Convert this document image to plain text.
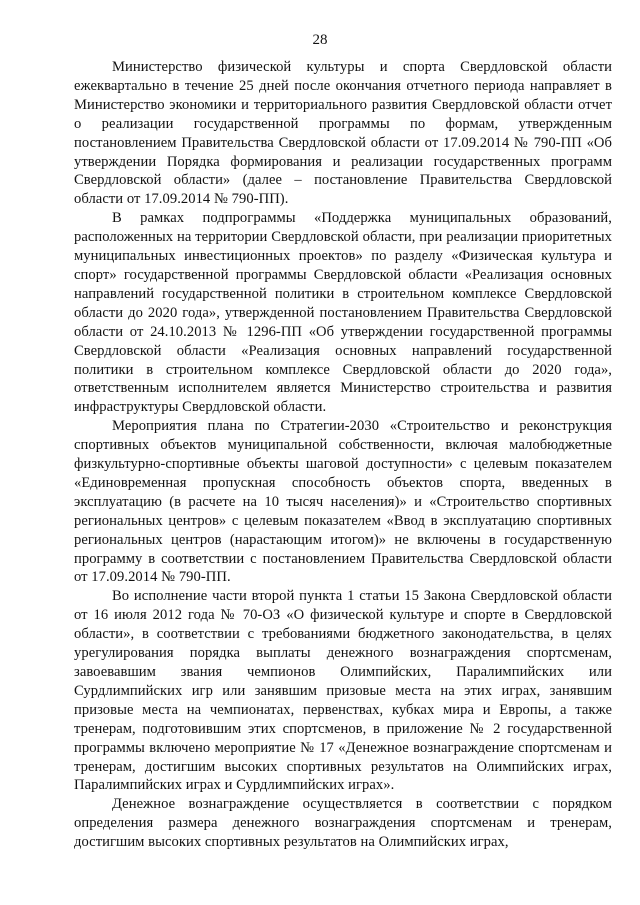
28

Министерство физической культуры и спорта Свердловской области ежеквартально в течение 25 дней после окончания отчетного периода направляет в Министерство экономики и территориального развития Свердловской области отчет о реализации государственной программы по формам, утвержденным постановлением Правительства Свердловской области от 17.09.2014 № 790-ПП «Об утверждении Порядка формирования и реализации государственных программ Свердловской области» (далее – постановление Правительства Свердловской области от 17.09.2014 № 790-ПП).

В рамках подпрограммы «Поддержка муниципальных образований, расположенных на территории Свердловской области, при реализации приоритетных муниципальных инвестиционных проектов» по разделу «Физическая культура и спорт» государственной программы Свердловской области «Реализация основных направлений государственной политики в строительном комплексе Свердловской области до 2020 года», утвержденной постановлением Правительства Свердловской области от 24.10.2013 № 1296-ПП «Об утверждении государственной программы Свердловской области «Реализация основных направлений государственной политики в строительном комплексе Свердловской области до 2020 года», ответственным исполнителем является Министерство строительства и развития инфраструктуры Свердловской области.

Мероприятия плана по Стратегии-2030 «Строительство и реконструкция спортивных объектов муниципальной собственности, включая малобюджетные физкультурно-спортивные объекты шаговой доступности» с целевым показателем «Единовременная пропускная способность объектов спорта, введенных в эксплуатацию (в расчете на 10 тысяч населения)» и «Строительство спортивных региональных центров» с целевым показателем «Ввод в эксплуатацию спортивных региональных центров (нарастающим итогом)» не включены в государственную программу в соответствии с постановлением Правительства Свердловской области от 17.09.2014 № 790-ПП.

Во исполнение части второй пункта 1 статьи 15 Закона Свердловской области от 16 июля 2012 года № 70-ОЗ «О физической культуре и спорте в Свердловской области», в соответствии с требованиями бюджетного законодательства, в целях урегулирования порядка выплаты денежного вознаграждения спортсменам, завоевавшим звания чемпионов Олимпийских, Паралимпийских или Сурдлимпийских игр или занявшим призовые места на этих играх, занявшим призовые места на чемпионатах, первенствах, кубках мира и Европы, а также тренерам, подготовившим этих спортсменов, в приложение № 2 государственной программы включено мероприятие № 17 «Денежное вознаграждение спортсменам и тренерам, достигшим высоких спортивных результатов на Олимпийских играх, Паралимпийских играх и Сурдлимпийских играх».

Денежное вознаграждение осуществляется в соответствии с порядком определения размера денежного вознаграждения спортсменам и тренерам, достигшим высоких спортивных результатов на Олимпийских играх,
